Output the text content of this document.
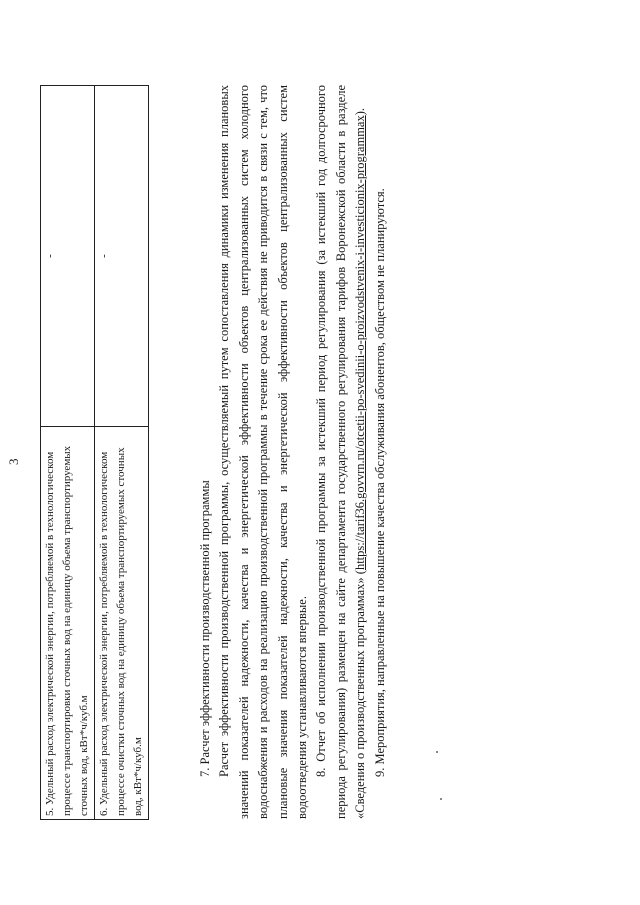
3 5. Удельный расход электрической энергии, потребляемой в технологическом процессе транспортировки сточных вод на единицу объема транспортируемых сточных вод, кВт*ч/куб.м	-
6. Удельный расход электрической энергии, потребляемой в технологическом процессе очистки сточных вод на единицу объема транспортируемых сточных вод, кВт*ч/куб.м	-

7. Расчет эффективности производственной программы Расчет эффективности производственной программы, осуществляемый путем сопоставления динамики изменения плановых значений показателей надежности, качества и энергетической эффективности объектов централизованных систем холодного водоснабжения и расходов на реализацию производственной программы в течение срока ее действия не приводится в связи с тем, что плановые значения показателей надежности, качества и энергетической эффективности объектов централизованных систем водоотведения устанавливаются впервые. 8. Отчет об исполнении производственной программы за истекший период регулирования (за истекший год долгосрочного периода регулирования) размещен на сайте департамента государственного регулирования тарифов Воронежской области в разделе «Сведения о производственных программах» (https://tarif36.govvrn.ru/otcetii-po-svedinii-o-proizvodstvenix-i-investicionix-programmax).

9. Мероприятия, направленные на повышение качества обслуживания абонентов, обществом не планируются.
